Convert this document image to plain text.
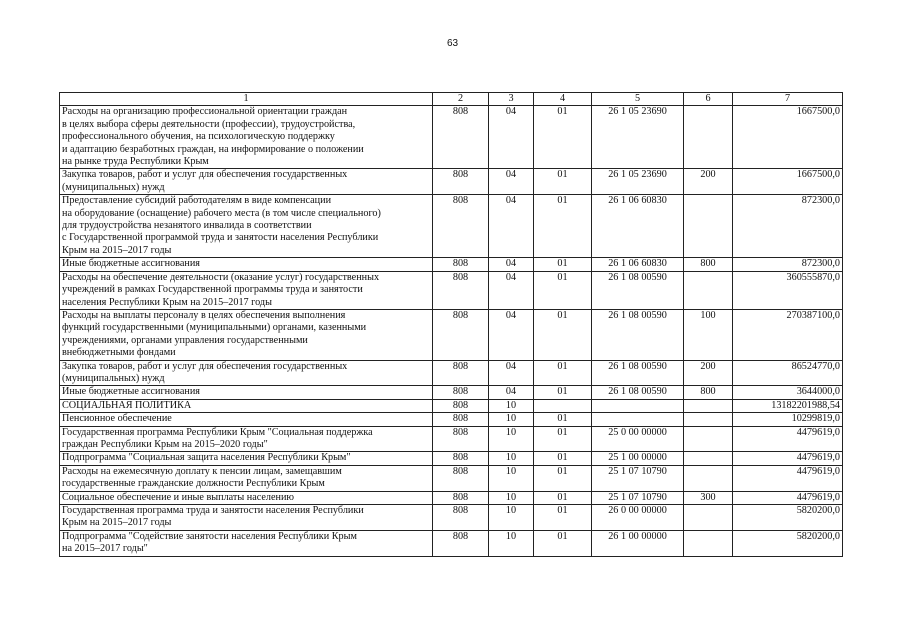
63
1	2	3	4	5	6	7
Расходы на организацию профессиональной ориентации граждан
в целях выбора сферы деятельности (профессии), трудоустройства,
профессионального обучения, на психологическую поддержку
и адаптацию безработных граждан, на информирование о положении
на рынке труда Республики Крым	808	04	01	26 1 05 23690		1667500,0
Закупка товаров, работ и услуг для обеспечения государственных
(муниципальных) нужд	808	04	01	26 1 05 23690	200	1667500,0
Предоставление субсидий работодателям в виде компенсации
на оборудование (оснащение) рабочего места (в том числе специального)
для трудоустройства незанятого инвалида в соответствии
с Государственной программой труда и занятости населения Республики
Крым на 2015–2017 годы	808	04	01	26 1 06 60830		872300,0
Иные бюджетные ассигнования	808	04	01	26 1 06 60830	800	872300,0
Расходы на обеспечение деятельности (оказание услуг) государственных
учреждений в рамках Государственной программы труда и занятости
населения Республики Крым на 2015–2017 годы	808	04	01	26 1 08 00590		360555870,0
Расходы на выплаты персоналу в целях обеспечения выполнения
функций государственными (муниципальными) органами, казенными
учреждениями, органами управления государственными
внебюджетными фондами	808	04	01	26 1 08 00590	100	270387100,0
Закупка товаров, работ и услуг для обеспечения государственных
(муниципальных) нужд	808	04	01	26 1 08 00590	200	86524770,0
Иные бюджетные ассигнования	808	04	01	26 1 08 00590	800	3644000,0
СОЦИАЛЬНАЯ ПОЛИТИКА	808	10				13182201988,54
Пенсионное обеспечение	808	10	01			10299819,0
Государственная программа Республики Крым "Социальная поддержка
граждан Республики Крым на 2015–2020 годы"	808	10	01	25 0 00 00000		4479619,0
Подпрограмма "Социальная защита населения Республики Крым"	808	10	01	25 1 00 00000		4479619,0
Расходы на ежемесячную доплату к пенсии лицам, замещавшим
государственные гражданские должности Республики Крым	808	10	01	25 1 07 10790		4479619,0
Социальное обеспечение и иные выплаты населению	808	10	01	25 1 07 10790	300	4479619,0
Государственная программа труда и занятости населения Республики
Крым на 2015–2017 годы	808	10	01	26 0 00 00000		5820200,0
Подпрограмма "Содействие занятости населения Республики Крым
на 2015–2017 годы"	808	10	01	26 1 00 00000		5820200,0
